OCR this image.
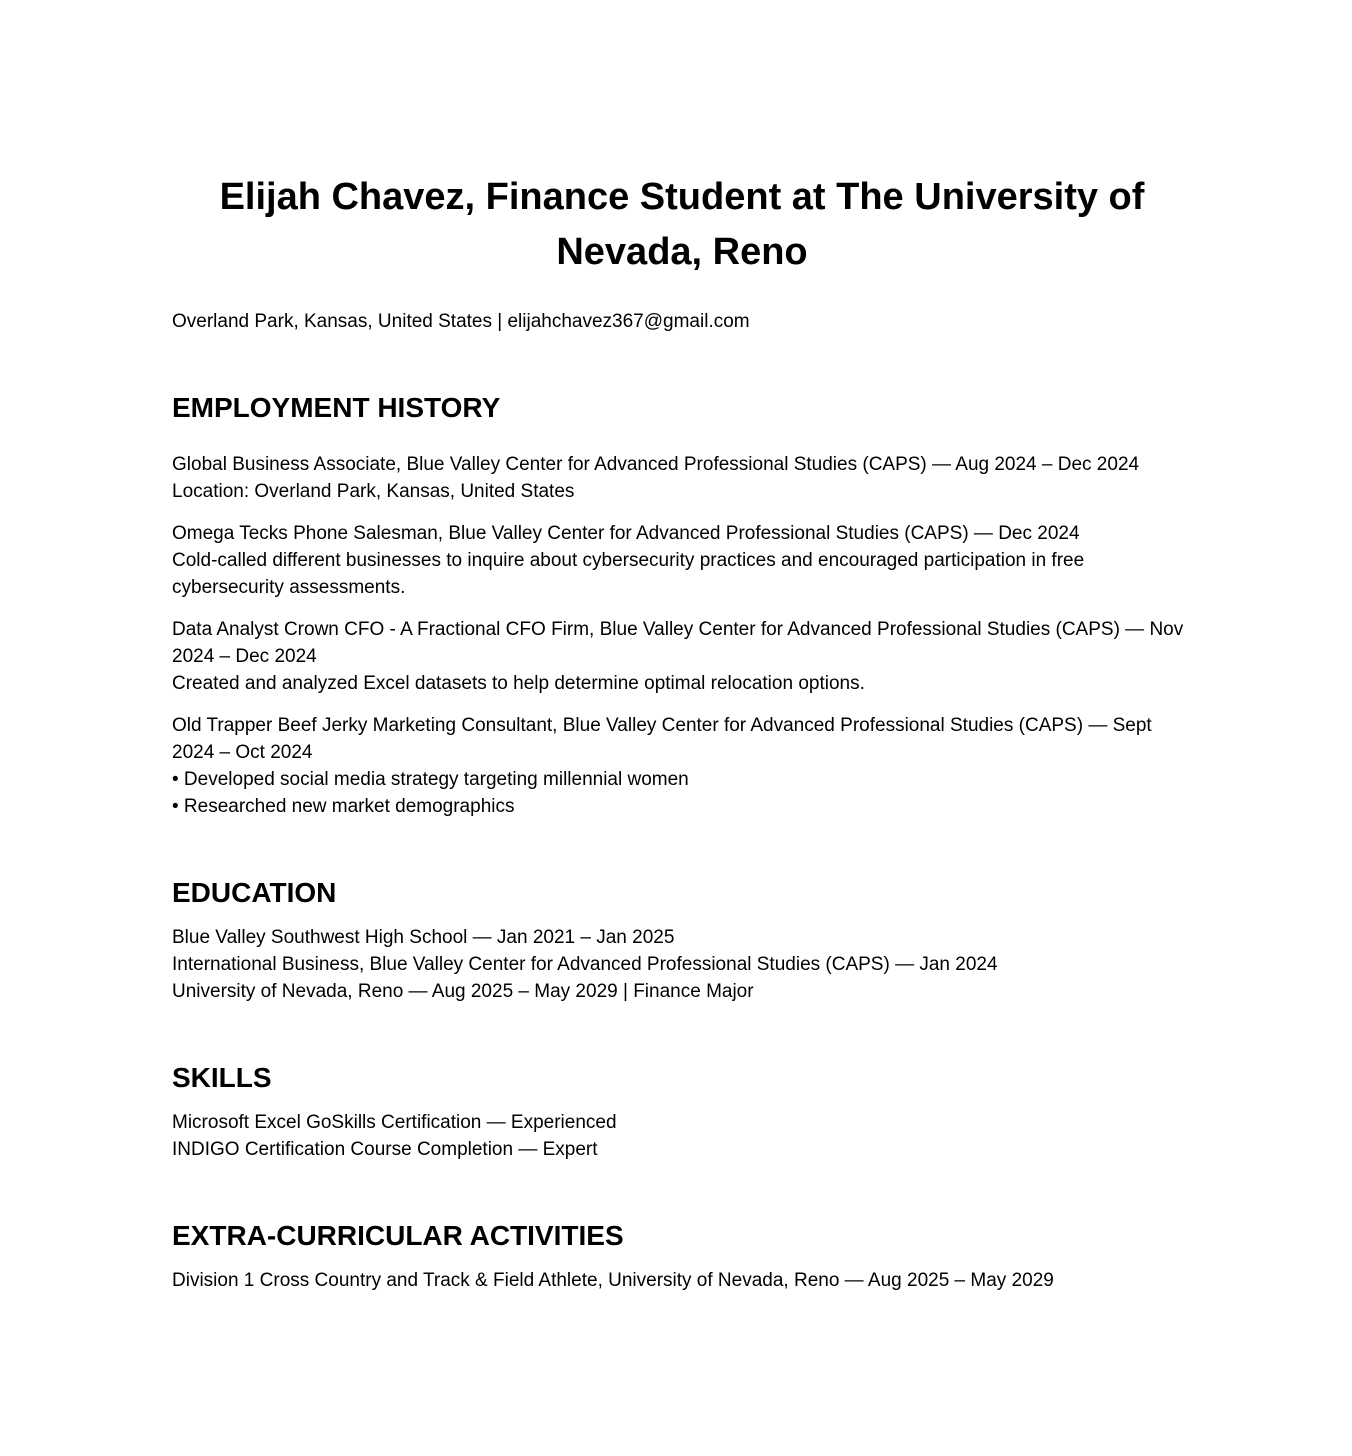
Elijah Chavez, Finance Student at The University of Nevada, Reno

Overland Park, Kansas, United States | elijahchavez367@gmail.com

EMPLOYMENT HISTORY
Global Business Associate, Blue Valley Center for Advanced Professional Studies (CAPS) — Aug 2024 – Dec 2024
Location: Overland Park, Kansas, United States
Omega Tecks Phone Salesman, Blue Valley Center for Advanced Professional Studies (CAPS) — Dec 2024
Cold-called different businesses to inquire about cybersecurity practices and encouraged participation in free cybersecurity assessments.
Data Analyst Crown CFO - A Fractional CFO Firm, Blue Valley Center for Advanced Professional Studies (CAPS) — Nov 2024 – Dec 2024
Created and analyzed Excel datasets to help determine optimal relocation options.
Old Trapper Beef Jerky Marketing Consultant, Blue Valley Center for Advanced Professional Studies (CAPS) — Sept 2024 – Oct 2024
• Developed social media strategy targeting millennial women
• Researched new market demographics
EDUCATION
Blue Valley Southwest High School — Jan 2021 – Jan 2025
International Business, Blue Valley Center for Advanced Professional Studies (CAPS) — Jan 2024
University of Nevada, Reno — Aug 2025 – May 2029 | Finance Major
SKILLS
Microsoft Excel GoSkills Certification — Experienced
INDIGO Certification Course Completion — Expert
EXTRA-CURRICULAR ACTIVITIES
Division 1 Cross Country and Track & Field Athlete, University of Nevada, Reno — Aug 2025 – May 2029
